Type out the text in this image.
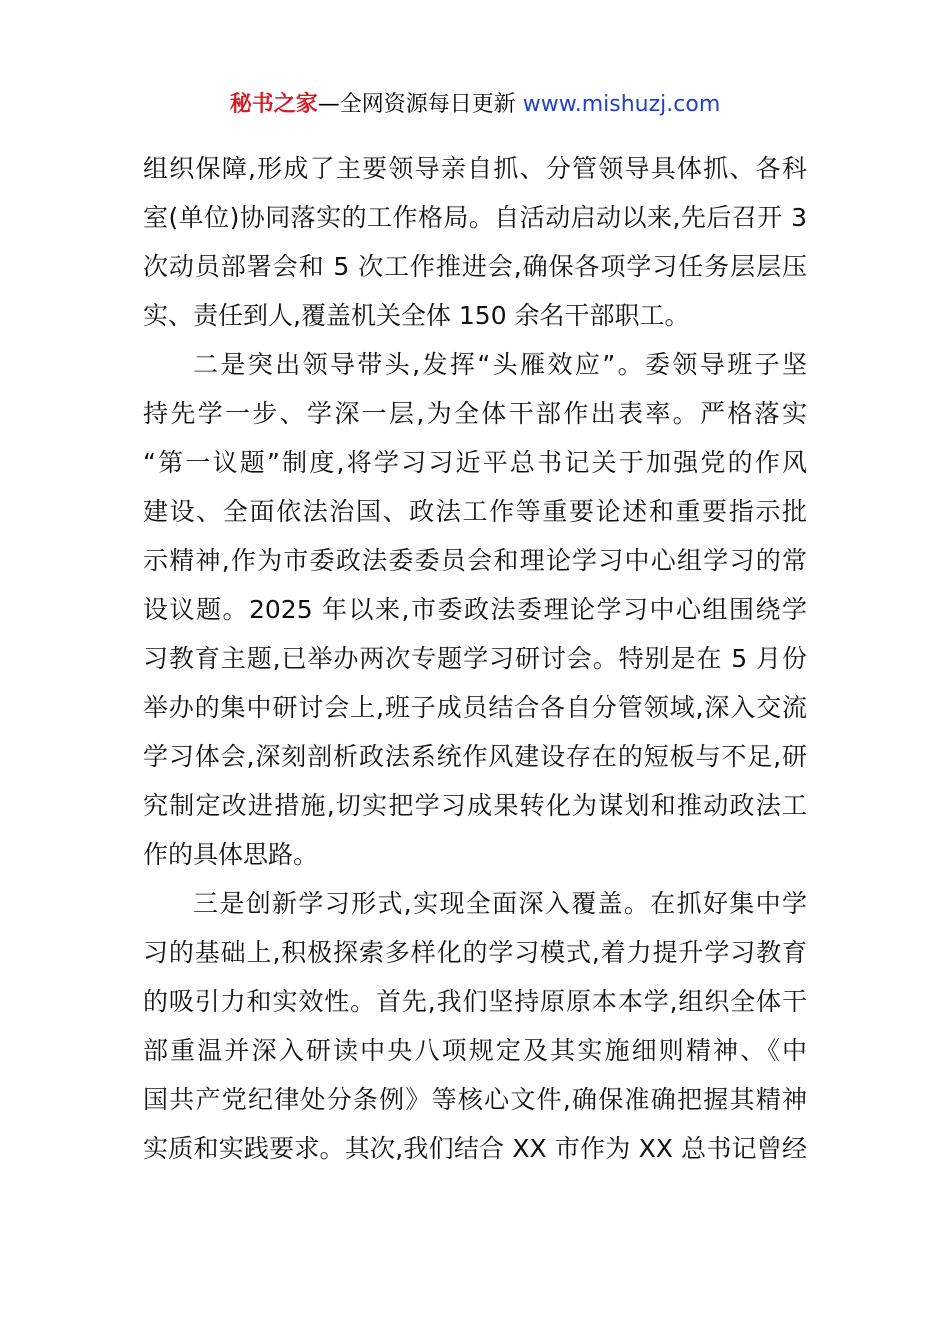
秘书之家—全网资源每日更新 www.mishuzj.com
组织保障,形成了主要领导亲自抓、分管领导具体抓、各科
室(单位)协同落实的工作格局。自活动启动以来,先后召开 3
次动员部署会和 5 次工作推进会,确保各项学习任务层层压
实、责任到人,覆盖机关全体 150 余名干部职工。
二是突出领导带头,发挥“头雁效应”。委领导班子坚
持先学一步、学深一层,为全体干部作出表率。严格落实
“第一议题”制度,将学习习近平总书记关于加强党的作风
建设、全面依法治国、政法工作等重要论述和重要指示批
示精神,作为市委政法委委员会和理论学习中心组学习的常
设议题。2025 年以来,市委政法委理论学习中心组围绕学
习教育主题,已举办两次专题学习研讨会。特别是在 5 月份
举办的集中研讨会上,班子成员结合各自分管领域,深入交流
学习体会,深刻剖析政法系统作风建设存在的短板与不足,研
究制定改进措施,切实把学习成果转化为谋划和推动政法工
作的具体思路。
三是创新学习形式,实现全面深入覆盖。在抓好集中学
习的基础上,积极探索多样化的学习模式,着力提升学习教育
的吸引力和实效性。首先,我们坚持原原本本学,组织全体干
部重温并深入研读中央八项规定及其实施细则精神、《中
国共产党纪律处分条例》等核心文件,确保准确把握其精神
实质和实践要求。其次,我们结合 XX 市作为 XX 总书记曾经
